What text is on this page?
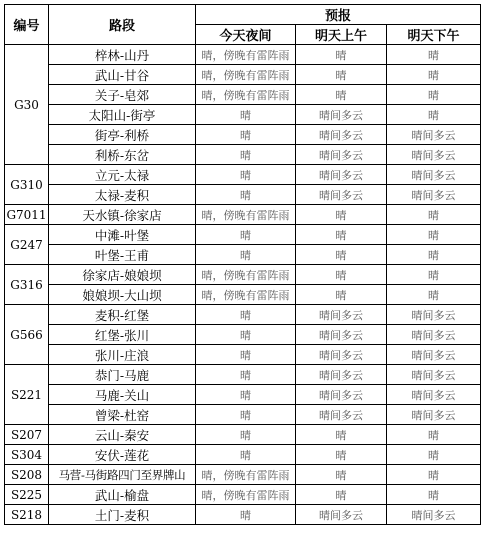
编号	路段	预报		
		今天夜间	明天上午	明天下午
G30	梓林-山丹	晴，傍晚有雷阵雨	晴	晴
	武山-甘谷	晴，傍晚有雷阵雨	晴	晴
	关子-皂郊	晴，傍晚有雷阵雨	晴	晴
	太阳山-街亭	晴	晴间多云	晴
	街亭-利桥	晴	晴间多云	晴间多云
	利桥-东岔	晴	晴间多云	晴间多云
G310	立元-太禄	晴	晴间多云	晴间多云
	太禄-麦积	晴	晴间多云	晴间多云
G7011	天水镇-徐家店	晴，傍晚有雷阵雨	晴	晴
G247	中滩-叶堡	晴	晴	晴
	叶堡-王甫	晴	晴	晴
G316	徐家店-娘娘坝	晴，傍晚有雷阵雨	晴	晴
	娘娘坝-大山坝	晴，傍晚有雷阵雨	晴	晴
G566	麦积-红堡	晴	晴间多云	晴间多云
	红堡-张川	晴	晴间多云	晴间多云
	张川-庄浪	晴	晴间多云	晴间多云
S221	恭门-马鹿	晴	晴间多云	晴间多云
	马鹿-关山	晴	晴间多云	晴间多云
	曾梁-杜窑	晴	晴间多云	晴间多云
S207	云山-秦安	晴	晴	晴
S304	安伏-莲花	晴	晴	晴
S208	马营-马街路四门至界牌山	晴，傍晚有雷阵雨	晴	晴
S225	武山-榆盘	晴，傍晚有雷阵雨	晴	晴
S218	土门-麦积	晴	晴间多云	晴间多云
